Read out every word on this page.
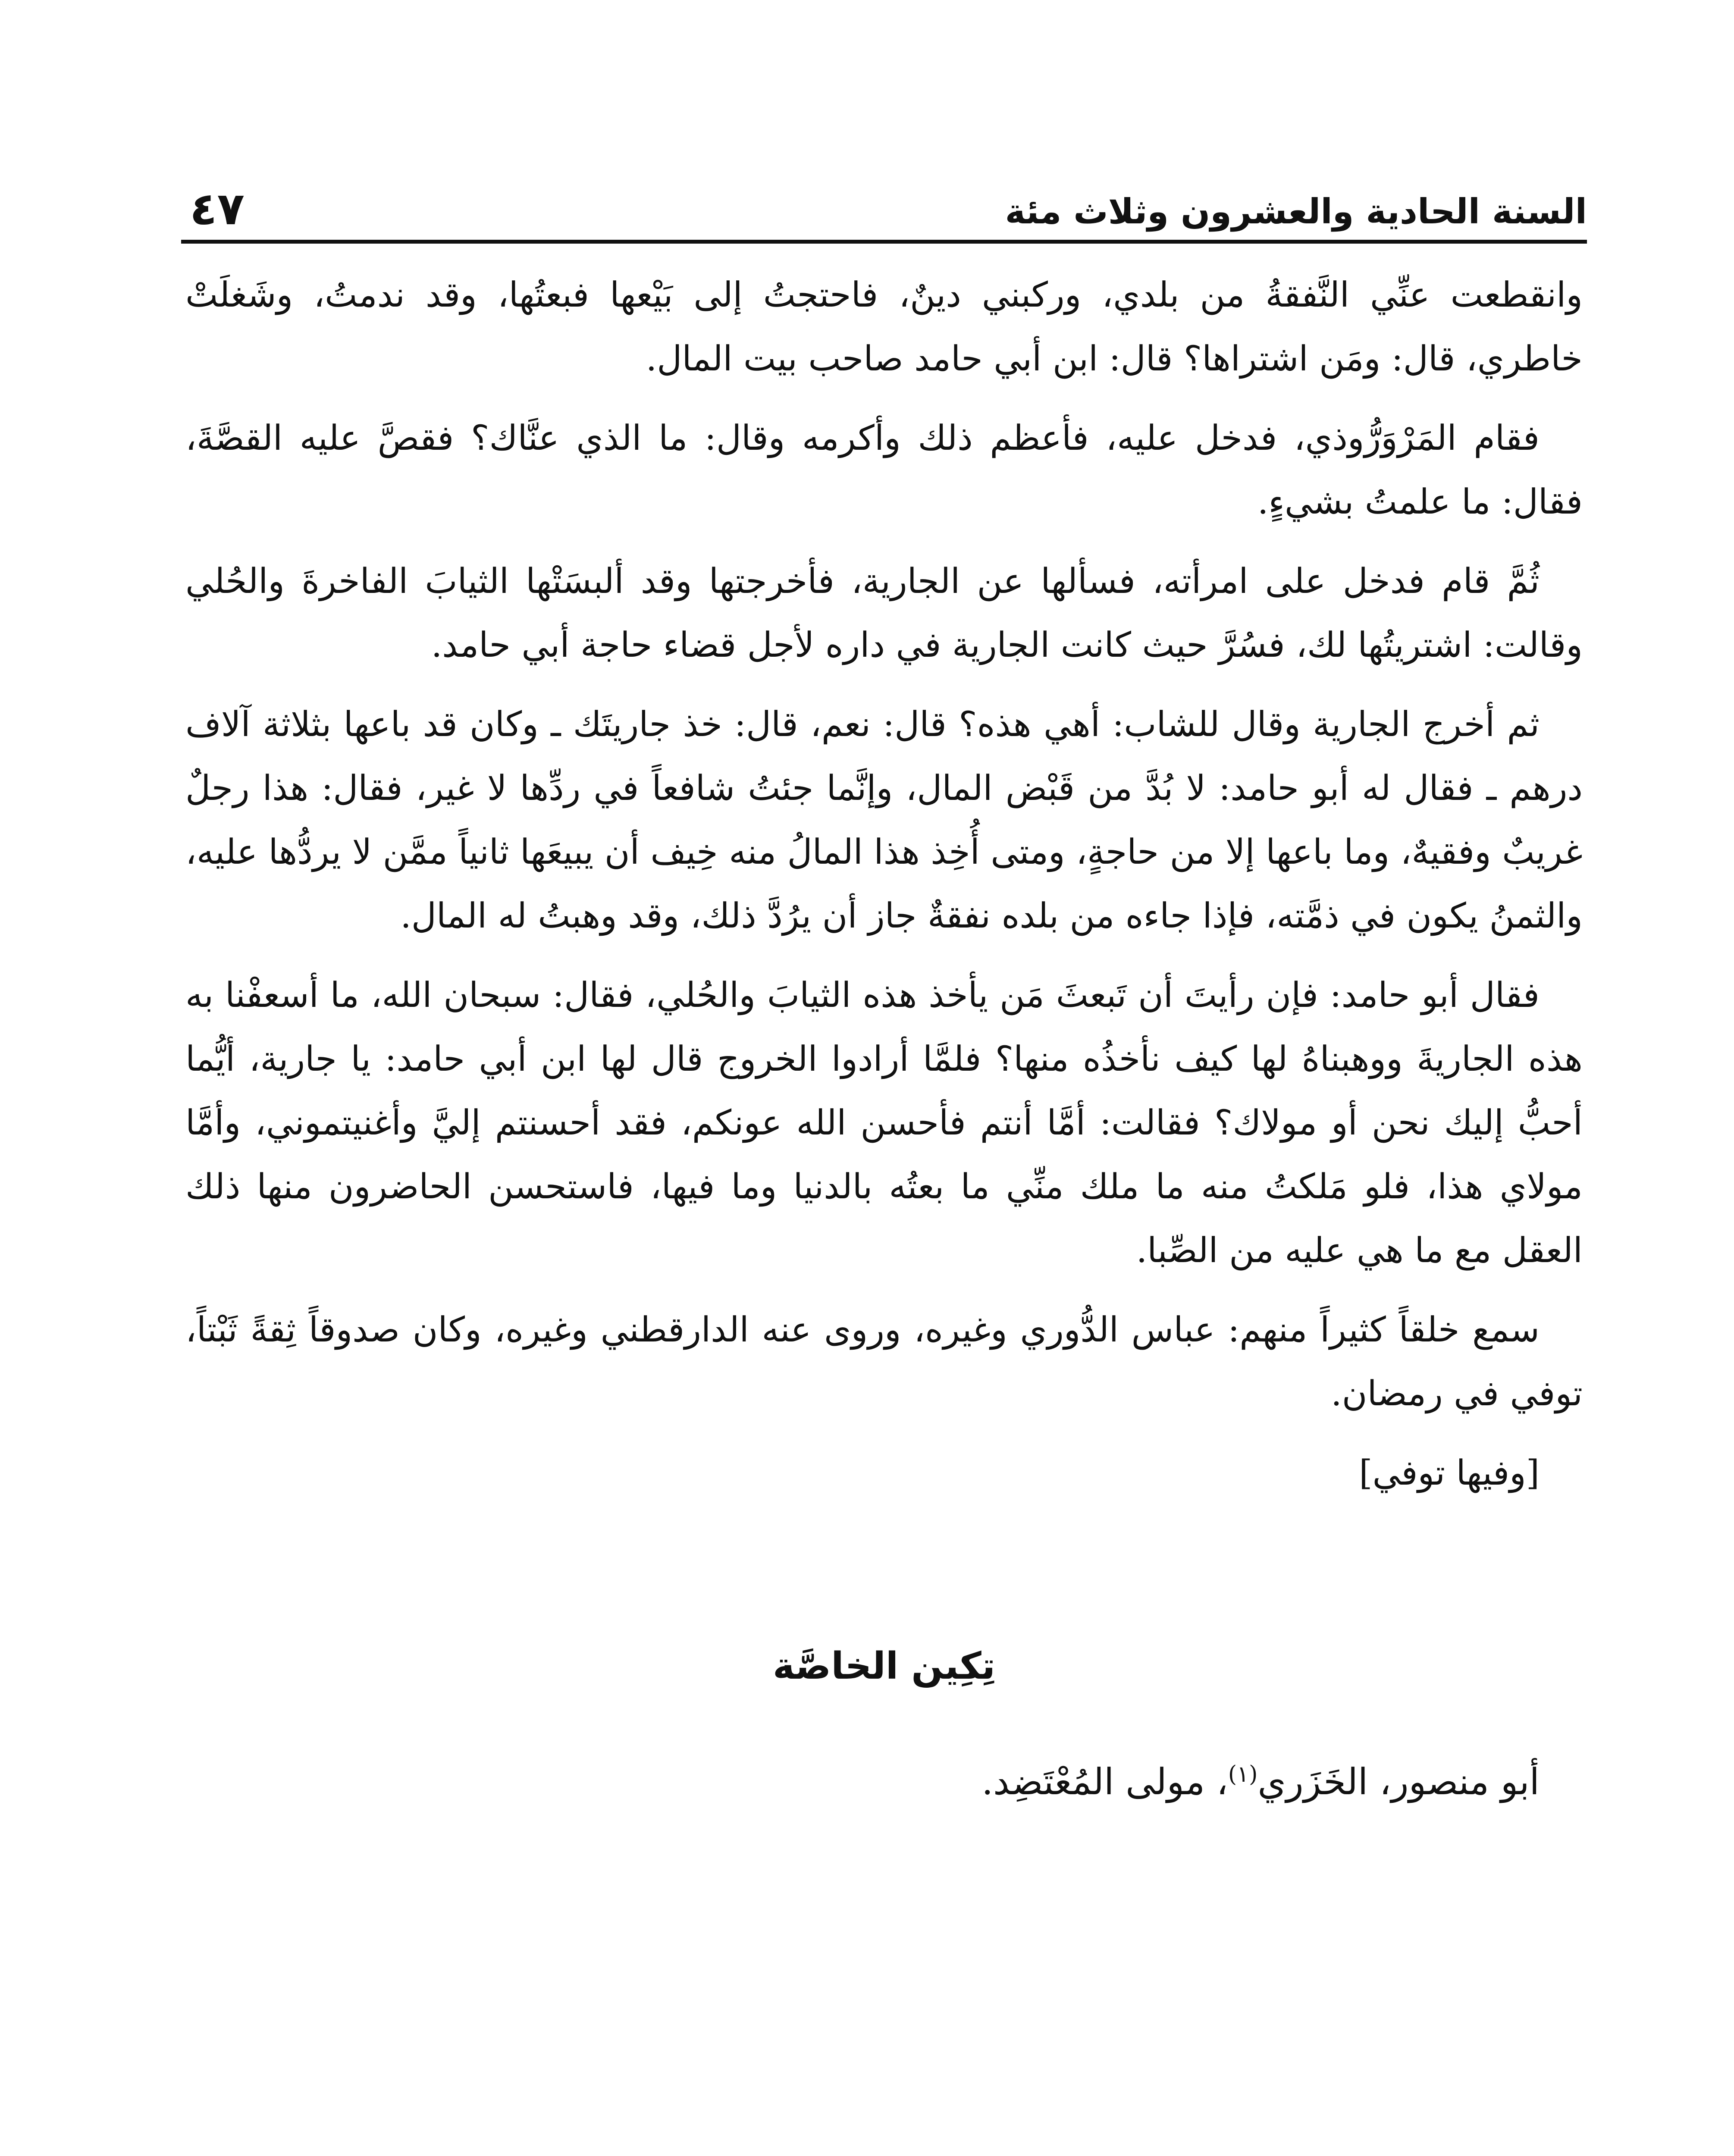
السنة الحادية والعشرون وثلاث مئة
٤٧

وانقطعت عنِّي النَّفقةُ من بلدي، وركبني دينٌ، فاحتجتُ إلى بَيْعها فبعتُها، وقد ندمتُ، وشَغلَتْ خاطري، قال: ومَن اشتراها؟ قال: ابن أبي حامد صاحب بيت المال.

فقام المَرْوَرُّوذي، فدخل عليه، فأعظم ذلك وأكرمه وقال: ما الذي عنَّاك؟ فقصَّ عليه القصَّةَ، فقال: ما علمتُ بشيءٍ.

ثُمَّ قام فدخل على امرأته، فسألها عن الجارية، فأخرجتها وقد ألبسَتْها الثيابَ الفاخرةَ والحُلي وقالت: اشتريتُها لك، فسُرَّ حيث كانت الجارية في داره لأجل قضاء حاجة أبي حامد.

ثم أخرج الجارية وقال للشاب: أهي هذه؟ قال: نعم، قال: خذ جاريتَك ـ وكان قد باعها بثلاثة آلاف درهم ـ فقال له أبو حامد: لا بُدَّ من قَبْض المال، وإنَّما جئتُ شافعاً في ردِّها لا غير، فقال: هذا رجلٌ غريبٌ وفقيهٌ، وما باعها إلا من حاجةٍ، ومتى أُخِذ هذا المالُ منه خِيف أن يبيعَها ثانياً ممَّن لا يردُّها عليه، والثمنُ يكون في ذمَّته، فإذا جاءه من بلده نفقةٌ جاز أن يرُدَّ ذلك، وقد وهبتُ له المال.

فقال أبو حامد: فإن رأيتَ أن تَبعثَ مَن يأخذ هذه الثيابَ والحُلي، فقال: سبحان الله، ما أسعفْنا به هذه الجاريةَ ووهبناهُ لها كيف نأخذُه منها؟ فلمَّا أرادوا الخروج قال لها ابن أبي حامد: يا جارية، أيُّما أحبُّ إليك نحن أو مولاك؟ فقالت: أمَّا أنتم فأحسن الله عونكم، فقد أحسنتم إليَّ وأغنيتموني، وأمَّا مولاي هذا، فلو مَلكتُ منه ما ملك منِّي ما بعتُه بالدنيا وما فيها، فاستحسن الحاضرون منها ذلك العقل مع ما هي عليه من الصِّبا.

سمع خلقاً كثيراً منهم: عباس الدُّوري وغيره، وروى عنه الدارقطني وغيره، وكان صدوقاً ثِقةً ثَبْتاً، توفي في رمضان.

[وفيها توفي]

تِكِين الخاصَّة

أبو منصور، الخَزَري$^{(١)}$، مولى المُعْتَضِد.
